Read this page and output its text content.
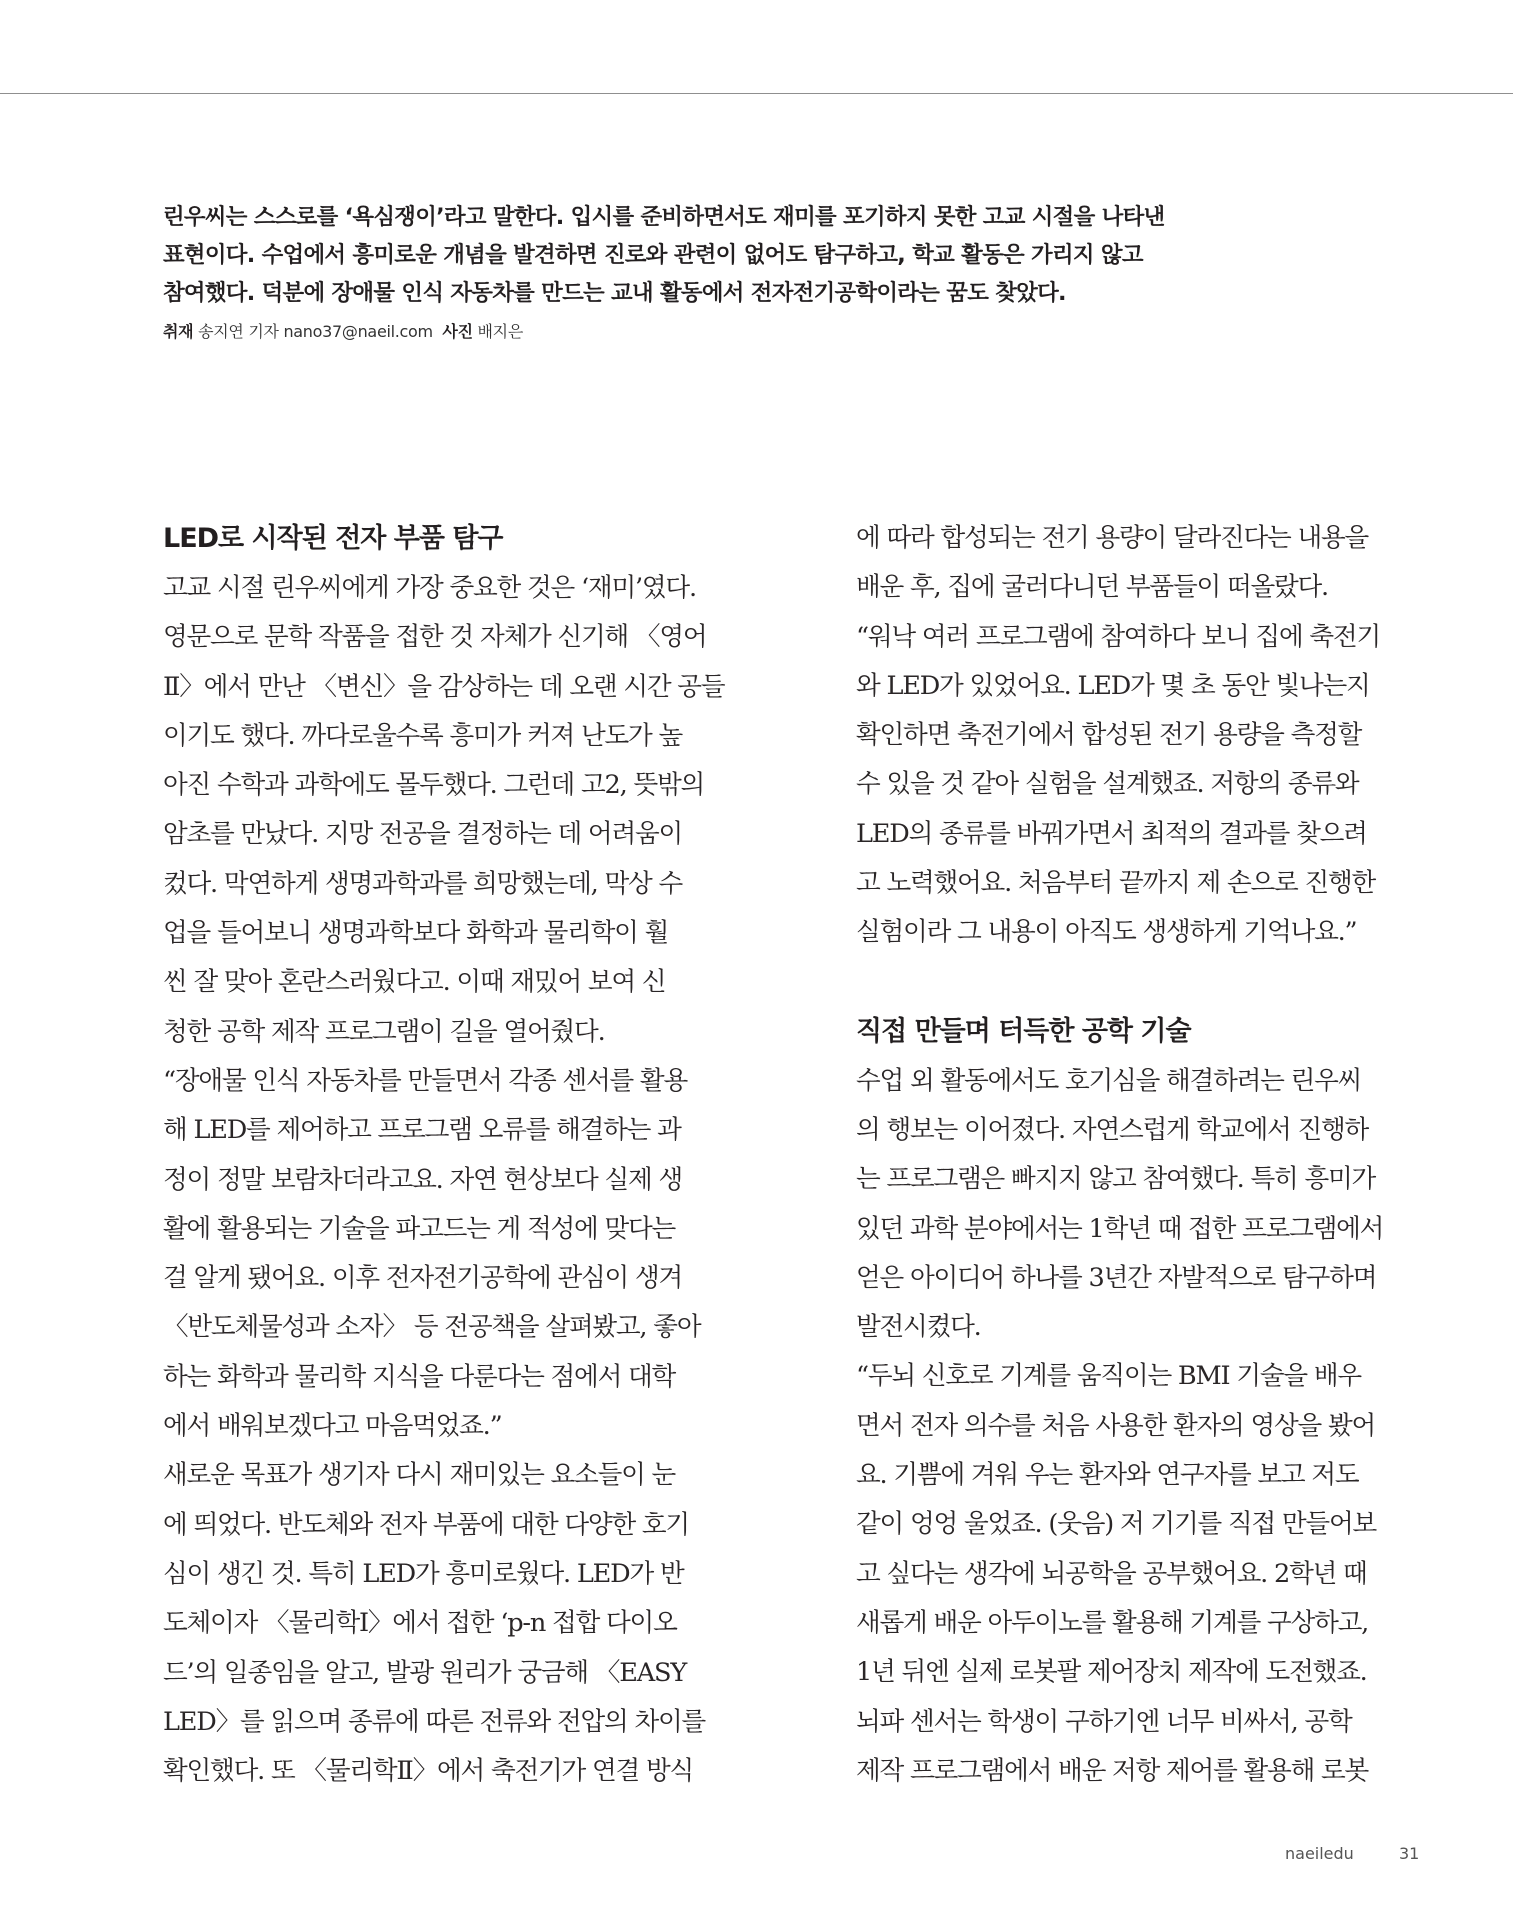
린우씨는 스스로를 ‘욕심쟁이’라고 말한다. 입시를 준비하면서도 재미를 포기하지 못한 고교 시절을 나타낸

표현이다. 수업에서 흥미로운 개념을 발견하면 진로와 관련이 없어도 탐구하고, 학교 활동은 가리지 않고

참여했다. 덕분에 장애물 인식 자동차를 만드는 교내 활동에서 전자전기공학이라는 꿈도 찾았다.

취재 송지연 기자 nano37@naeil.com 사진 배지은
LED로 시작된 전자 부품 탐구
고교 시절 린우씨에게 가장 중요한 것은 ‘재미’였다.
영문으로 문학 작품을 접한 것 자체가 신기해 〈영어
Ⅱ〉에서 만난 〈변신〉을 감상하는 데 오랜 시간 공들
이기도 했다. 까다로울수록 흥미가 커져 난도가 높
아진 수학과 과학에도 몰두했다. 그런데 고2, 뜻밖의
암초를 만났다. 지망 전공을 결정하는 데 어려움이
컸다. 막연하게 생명과학과를 희망했는데, 막상 수
업을 들어보니 생명과학보다 화학과 물리학이 훨
씬 잘 맞아 혼란스러웠다고. 이때 재밌어 보여 신
청한 공학 제작 프로그램이 길을 열어줬다.
“장애물 인식 자동차를 만들면서 각종 센서를 활용
해 LED를 제어하고 프로그램 오류를 해결하는 과
정이 정말 보람차더라고요. 자연 현상보다 실제 생
활에 활용되는 기술을 파고드는 게 적성에 맞다는
걸 알게 됐어요. 이후 전자전기공학에 관심이 생겨
〈반도체물성과 소자〉 등 전공책을 살펴봤고, 좋아
하는 화학과 물리학 지식을 다룬다는 점에서 대학
에서 배워보겠다고 마음먹었죠.”
새로운 목표가 생기자 다시 재미있는 요소들이 눈
에 띄었다. 반도체와 전자 부품에 대한 다양한 호기
심이 생긴 것. 특히 LED가 흥미로웠다. LED가 반
도체이자 〈물리학Ⅰ〉에서 접한 ‘p-n 접합 다이오
드’의 일종임을 알고, 발광 원리가 궁금해 〈EASY
LED〉를 읽으며 종류에 따른 전류와 전압의 차이를
확인했다. 또 〈물리학Ⅱ〉에서 축전기가 연결 방식
에 따라 합성되는 전기 용량이 달라진다는 내용을
배운 후, 집에 굴러다니던 부품들이 떠올랐다.
“워낙 여러 프로그램에 참여하다 보니 집에 축전기
와 LED가 있었어요. LED가 몇 초 동안 빛나는지
확인하면 축전기에서 합성된 전기 용량을 측정할
수 있을 것 같아 실험을 설계했죠. 저항의 종류와
LED의 종류를 바꿔가면서 최적의 결과를 찾으려
고 노력했어요. 처음부터 끝까지 제 손으로 진행한
실험이라 그 내용이 아직도 생생하게 기억나요.”
직접 만들며 터득한 공학 기술
수업 외 활동에서도 호기심을 해결하려는 린우씨
의 행보는 이어졌다. 자연스럽게 학교에서 진행하
는 프로그램은 빠지지 않고 참여했다. 특히 흥미가
있던 과학 분야에서는 1학년 때 접한 프로그램에서
얻은 아이디어 하나를 3년간 자발적으로 탐구하며
발전시켰다.
“두뇌 신호로 기계를 움직이는 BMI 기술을 배우
면서 전자 의수를 처음 사용한 환자의 영상을 봤어
요. 기쁨에 겨워 우는 환자와 연구자를 보고 저도
같이 엉엉 울었죠. (웃음) 저 기기를 직접 만들어보
고 싶다는 생각에 뇌공학을 공부했어요. 2학년 때
새롭게 배운 아두이노를 활용해 기계를 구상하고,
1년 뒤엔 실제 로봇팔 제어장치 제작에 도전했죠.
뇌파 센서는 학생이 구하기엔 너무 비싸서, 공학
제작 프로그램에서 배운 저항 제어를 활용해 로봇
naeiledu	31
